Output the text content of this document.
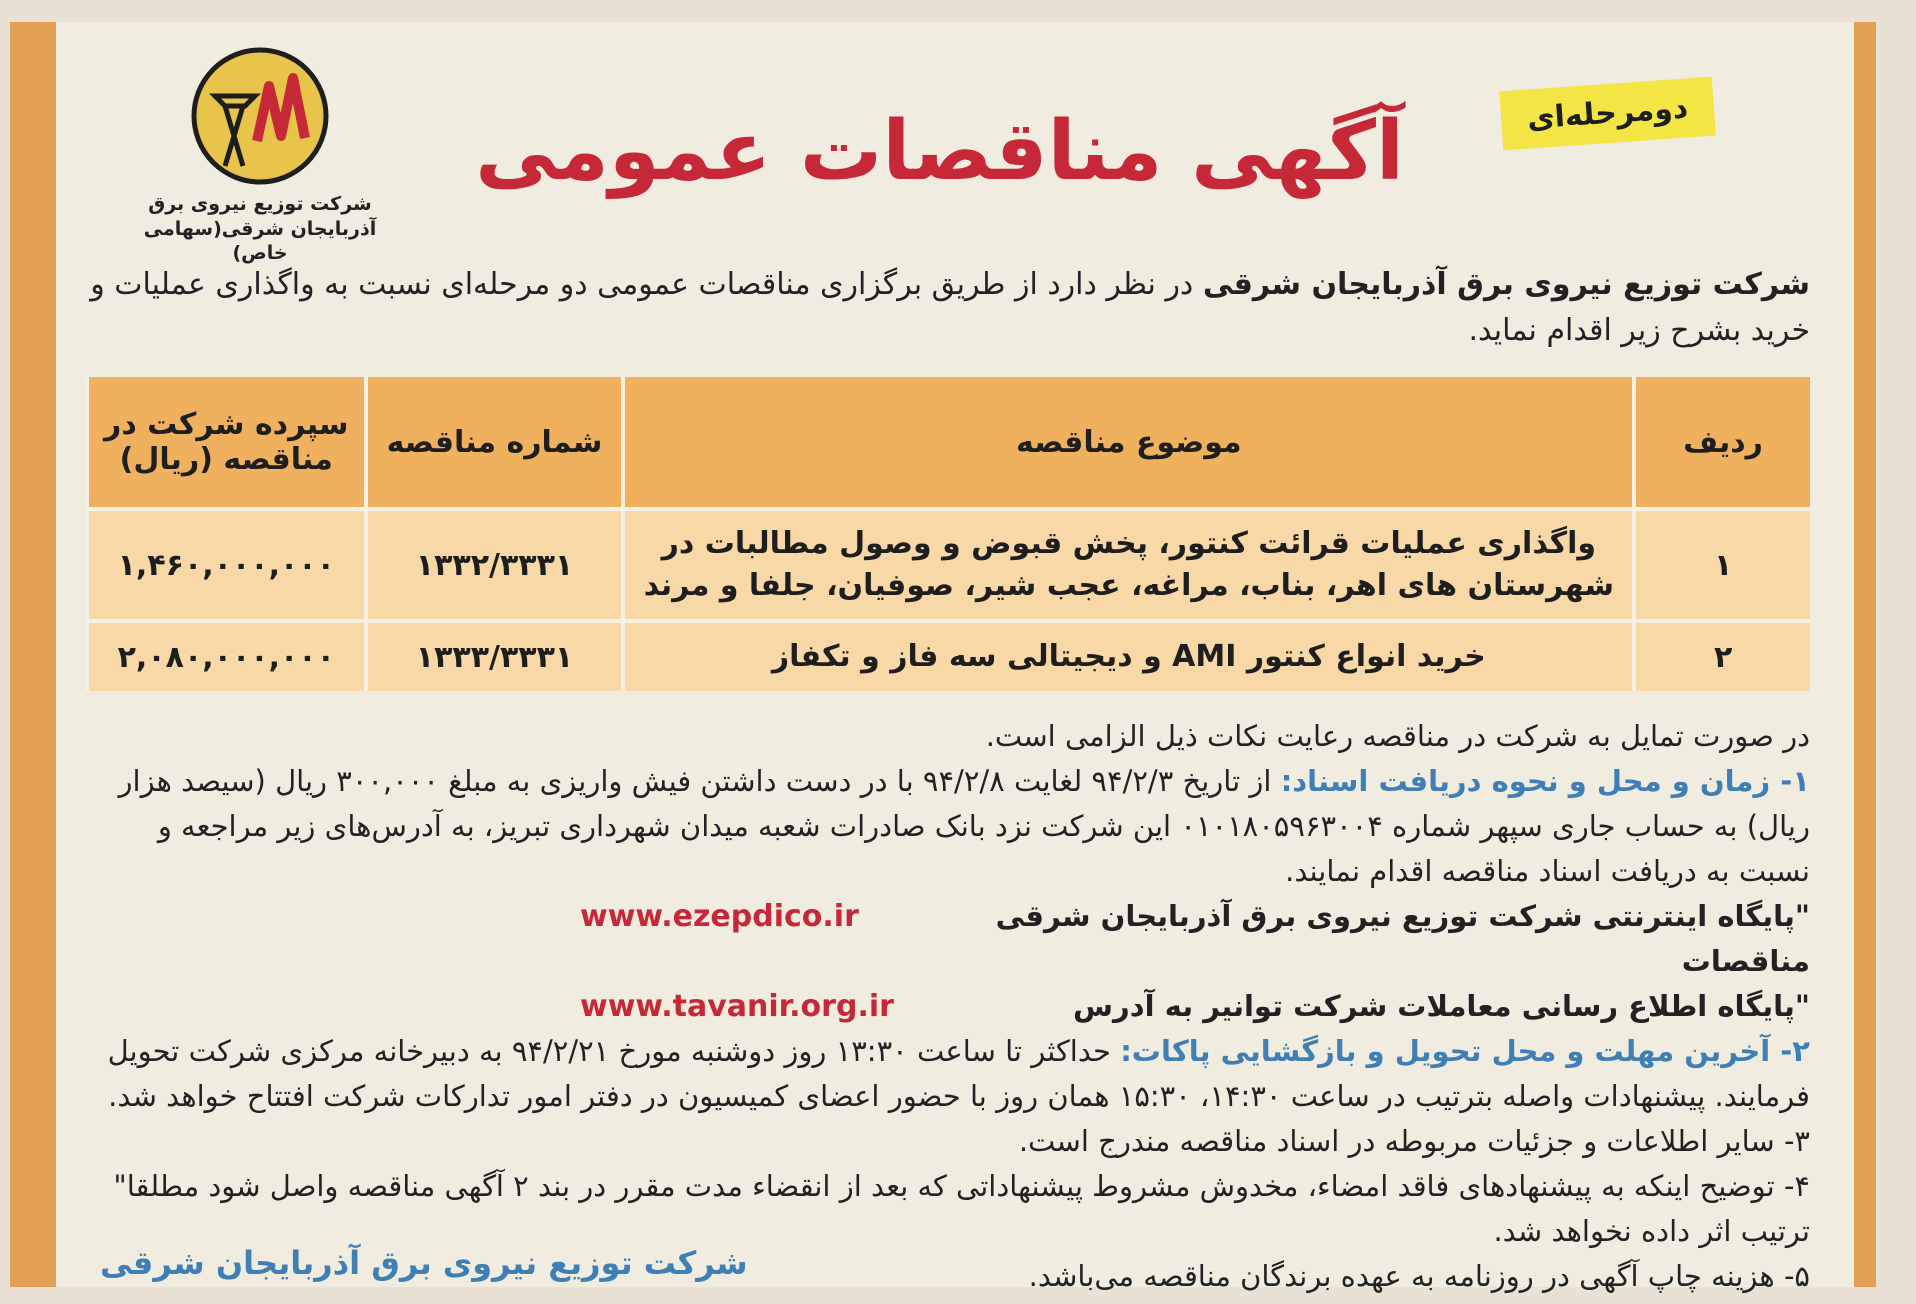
دومرحله‌ای
آگهی مناقصات عمومی
شرکت توزیع نیروی برق
آذربایجان شرقی(سهامی خاص)

شرکت توزیع نیروی برق آذربایجان شرقی در نظر دارد از طریق برگزاری مناقصات عمومی دو مرحله‌ای نسبت به واگذاری عملیات و خرید بشرح زیر اقدام نماید.

ردیف	موضوع مناقصه	شماره مناقصه	سپرده شرکت در مناقصه (ریال)
۱	واگذاری عملیات قرائت کنتور، پخش قبوض و وصول مطالبات در شهرستان های اهر، بناب، مراغه، عجب شیر، صوفیان، جلفا و مرند	۱۳۳۲/۳۳۳۱	۱,۴۶۰,۰۰۰,۰۰۰
۲	خرید انواع کنتور AMI و دیجیتالی سه فاز و تکفاز	۱۳۳۳/۳۳۳۱	۲,۰۸۰,۰۰۰,۰۰۰

در صورت تمایل به شرکت در مناقصه رعایت نکات ذیل الزامی است.

۱- زمان و محل و نحوه دریافت اسناد: از تاریخ ۹۴/۲/۳ لغایت ۹۴/۲/۸ با در دست داشتن فیش واریزی به مبلغ ۳۰۰,۰۰۰ ریال (سیصد هزار ریال) به حساب جاری سپهر شماره ۰۱۰۱۸۰۵۹۶۳۰۰۴ این شرکت نزد بانک صادرات شعبه میدان شهرداری تبریز، به آدرس‌های زیر مراجعه و نسبت به دریافت اسناد مناقصه اقدام نمایند.

"پایگاه اینترنتی شرکت توزیع نیروی برق آذربایجان شرقی مناقصات
www.ezepdico.ir
"پایگاه اطلاع رسانی معاملات شرکت توانیر به آدرس
www.tavanir.org.ir

۲- آخرین مهلت و محل تحویل و بازگشایی پاکات: حداکثر تا ساعت ۱۳:۳۰ روز دوشنبه مورخ ۹۴/۲/۲۱ به دبیرخانه مرکزی شرکت تحویل فرمایند. پیشنهادات واصله بترتیب در ساعت ۱۴:۳۰، ۱۵:۳۰ همان روز با حضور اعضای کمیسیون در دفتر امور تدارکات شرکت افتتاح خواهد شد.

۳- سایر اطلاعات و جزئیات مربوطه در اسناد مناقصه مندرج است.

۴- توضیح اینکه به پیشنهادهای فاقد امضاء، مخدوش مشروط پیشنهاداتی که بعد از انقضاء مدت مقرر در بند ۲ آگهی مناقصه واصل شود مطلقا" ترتیب اثر داده نخواهد شد.

۵- هزینه چاپ آگهی در روزنامه به عهده برندگان مناقصه می‌باشد.

شرکت توزیع نیروی برق آذربایجان شرقی
